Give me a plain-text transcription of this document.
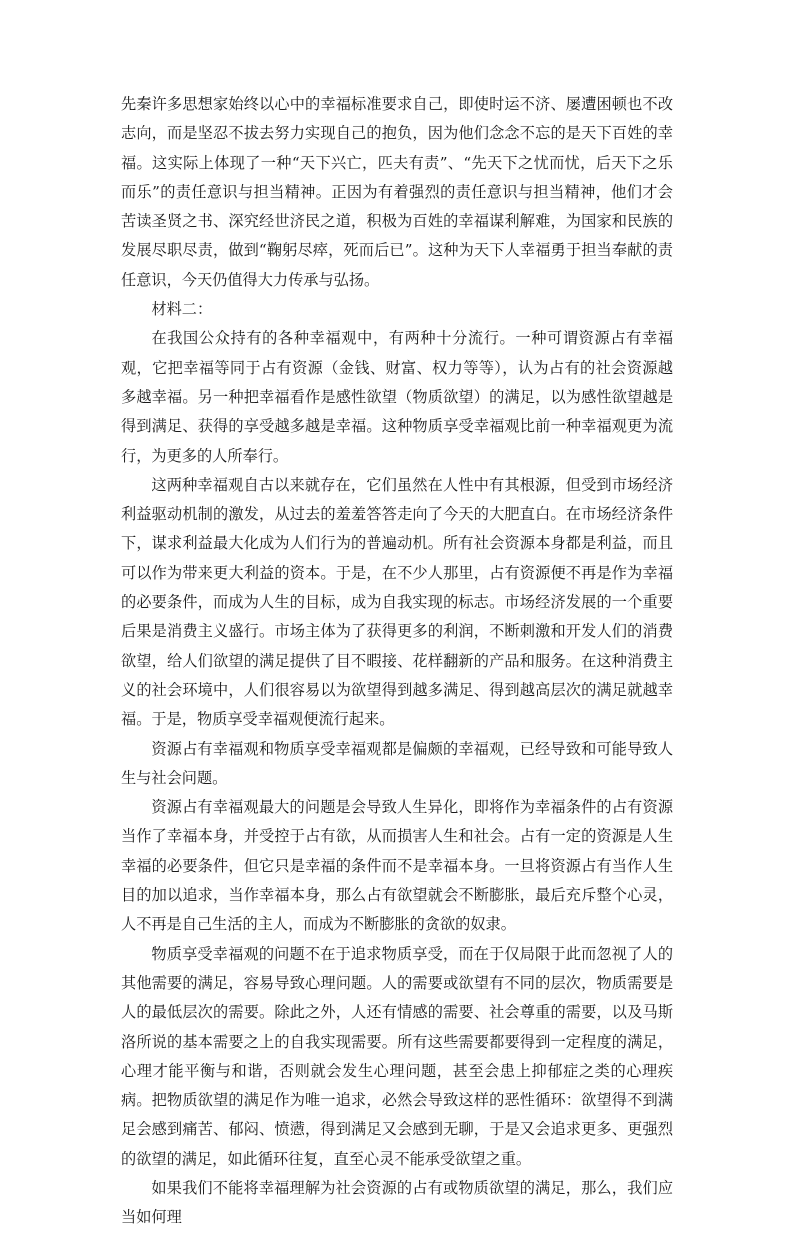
先秦许多思想家始终以心中的幸福标准要求自己，即使时运不济、屡遭困顿也不改志向，而是坚忍不拔去努力实现自己的抱负，因为他们念念不忘的是天下百姓的幸福。这实际上体现了一种“天下兴亡，匹夫有责”、“先天下之忧而忧，后天下之乐而乐”的责任意识与担当精神。正因为有着强烈的责任意识与担当精神，他们才会苦读圣贤之书、深究经世济民之道，积极为百姓的幸福谋利解难，为国家和民族的发展尽职尽责，做到“鞠躬尽瘁，死而后已”。这种为天下人幸福勇于担当奉献的责任意识，今天仍值得大力传承与弘扬。

材料二：

在我国公众持有的各种幸福观中，有两种十分流行。一种可谓资源占有幸福观，它把幸福等同于占有资源（金钱、财富、权力等等），认为占有的社会资源越多越幸福。另一种把幸福看作是感性欲望（物质欲望）的满足，以为感性欲望越是得到满足、获得的享受越多越是幸福。这种物质享受幸福观比前一种幸福观更为流行，为更多的人所奉行。

这两种幸福观自古以来就存在，它们虽然在人性中有其根源，但受到市场经济利益驱动机制的激发，从过去的羞羞答答走向了今天的大肥直白。在市场经济条件下，谋求利益最大化成为人们行为的普遍动机。所有社会资源本身都是利益，而且可以作为带来更大利益的资本。于是，在不少人那里，占有资源便不再是作为幸福的必要条件，而成为人生的目标，成为自我实现的标志。市场经济发展的一个重要后果是消费主义盛行。市场主体为了获得更多的利润，不断刺激和开发人们的消费欲望，给人们欲望的满足提供了目不暇接、花样翻新的产品和服务。在这种消费主义的社会环境中，人们很容易以为欲望得到越多满足、得到越高层次的满足就越幸福。于是，物质享受幸福观便流行起来。

资源占有幸福观和物质享受幸福观都是偏颇的幸福观，已经导致和可能导致人生与社会问题。

资源占有幸福观最大的问题是会导致人生异化，即将作为幸福条件的占有资源当作了幸福本身，并受控于占有欲，从而损害人生和社会。占有一定的资源是人生幸福的必要条件，但它只是幸福的条件而不是幸福本身。一旦将资源占有当作人生目的加以追求，当作幸福本身，那么占有欲望就会不断膨胀，最后充斥整个心灵，人不再是自己生活的主人，而成为不断膨胀的贪欲的奴隶。

物质享受幸福观的问题不在于追求物质享受，而在于仅局限于此而忽视了人的其他需要的满足，容易导致心理问题。人的需要或欲望有不同的层次，物质需要是人的最低层次的需要。除此之外，人还有情感的需要、社会尊重的需要，以及马斯洛所说的基本需要之上的自我实现需要。所有这些需要都要得到一定程度的满足，心理才能平衡与和谐，否则就会发生心理问题，甚至会患上抑郁症之类的心理疾病。把物质欲望的满足作为唯一追求，必然会导致这样的恶性循环：欲望得不到满足会感到痛苦、郁闷、愤懑，得到满足又会感到无聊，于是又会追求更多、更强烈的欲望的满足，如此循环往复，直至心灵不能承受欲望之重。

如果我们不能将幸福理解为社会资源的占有或物质欲望的满足，那么，我们应当如何理
